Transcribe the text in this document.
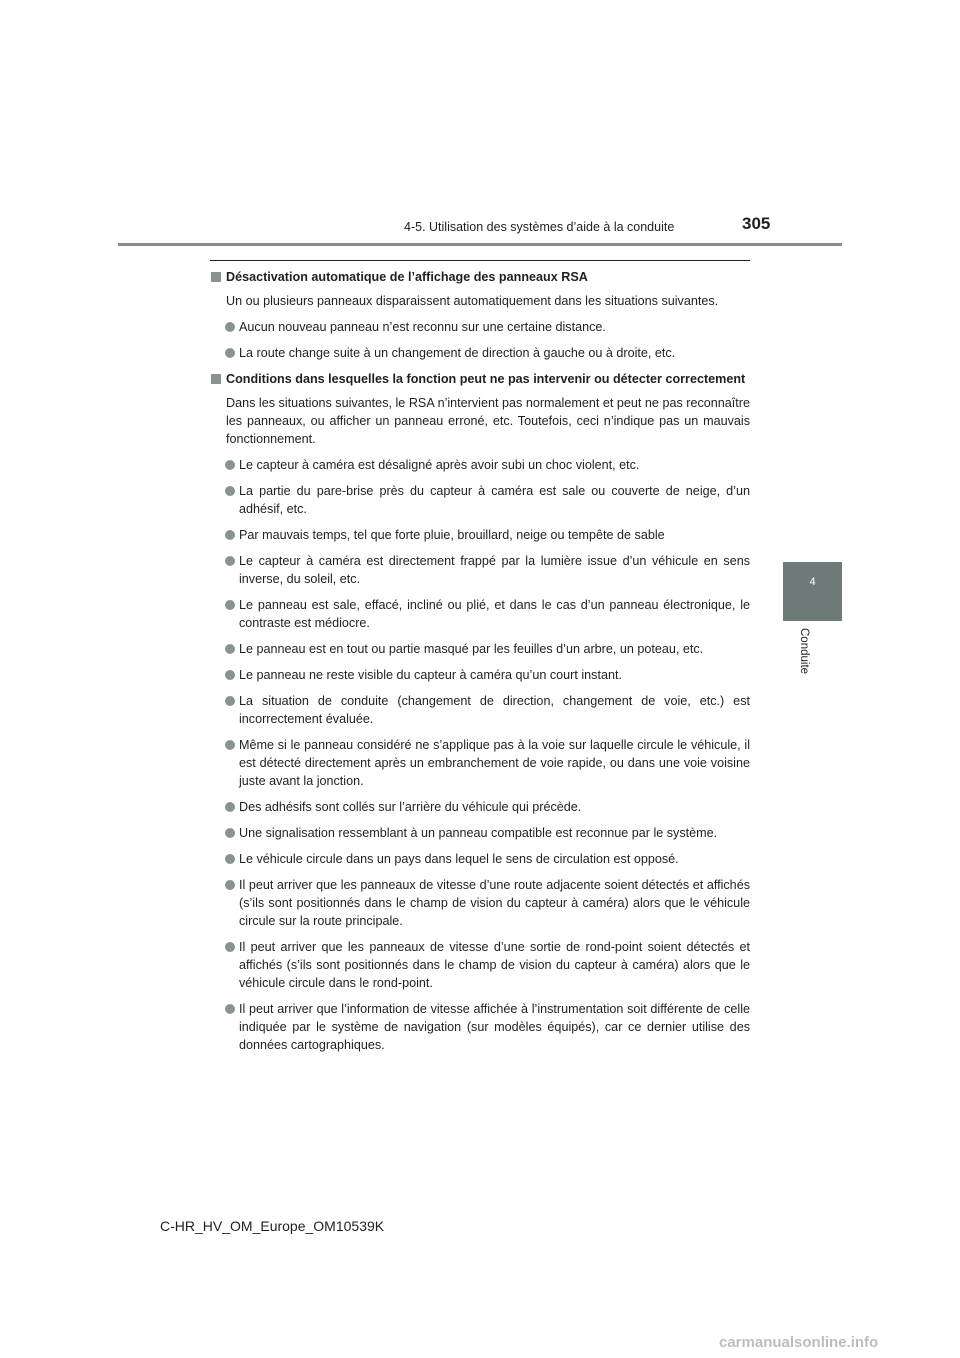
4-5. Utilisation des systèmes d’aide à la conduite	305
4
Conduite
Désactivation automatique de l’affichage des panneaux RSA
Un ou plusieurs panneaux disparaissent automatiquement dans les situations suivantes.
Aucun nouveau panneau n’est reconnu sur une certaine distance.
La route change suite à un changement de direction à gauche ou à droite, etc.
Conditions dans lesquelles la fonction peut ne pas intervenir ou détecter correctement
Dans les situations suivantes, le RSA n’intervient pas normalement et peut ne pas reconnaître les panneaux, ou afficher un panneau erroné, etc. Toutefois, ceci n’indique pas un mauvais fonctionnement.
Le capteur à caméra est désaligné après avoir subi un choc violent, etc.
La partie du pare-brise près du capteur à caméra est sale ou couverte de neige, d’un adhésif, etc.
Par mauvais temps, tel que forte pluie, brouillard, neige ou tempête de sable
Le capteur à caméra est directement frappé par la lumière issue d’un véhicule en sens inverse, du soleil, etc.
Le panneau est sale, effacé, incliné ou plié, et dans le cas d’un panneau électronique, le contraste est médiocre.
Le panneau est en tout ou partie masqué par les feuilles d’un arbre, un poteau, etc.
Le panneau ne reste visible du capteur à caméra qu’un court instant.
La situation de conduite (changement de direction, changement de voie, etc.) est incorrectement évaluée.
Même si le panneau considéré ne s’applique pas à la voie sur laquelle circule le véhicule, il est détecté directement après un embranchement de voie rapide, ou dans une voie voisine juste avant la jonction.
Des adhésifs sont collés sur l’arrière du véhicule qui précède.
Une signalisation ressemblant à un panneau compatible est reconnue par le système.
Le véhicule circule dans un pays dans lequel le sens de circulation est opposé.
Il peut arriver que les panneaux de vitesse d’une route adjacente soient détectés et affichés (s’ils sont positionnés dans le champ de vision du capteur à caméra) alors que le véhicule circule sur la route principale.
Il peut arriver que les panneaux de vitesse d’une sortie de rond-point soient détectés et affichés (s’ils sont positionnés dans le champ de vision du capteur à caméra) alors que le véhicule circule dans le rond-point.
Il peut arriver que l’information de vitesse affichée à l’instrumentation soit différente de celle indiquée par le système de navigation (sur modèles équipés), car ce dernier utilise des données cartographiques.
C-HR_HV_OM_Europe_OM10539K
carmanualsonline.info
